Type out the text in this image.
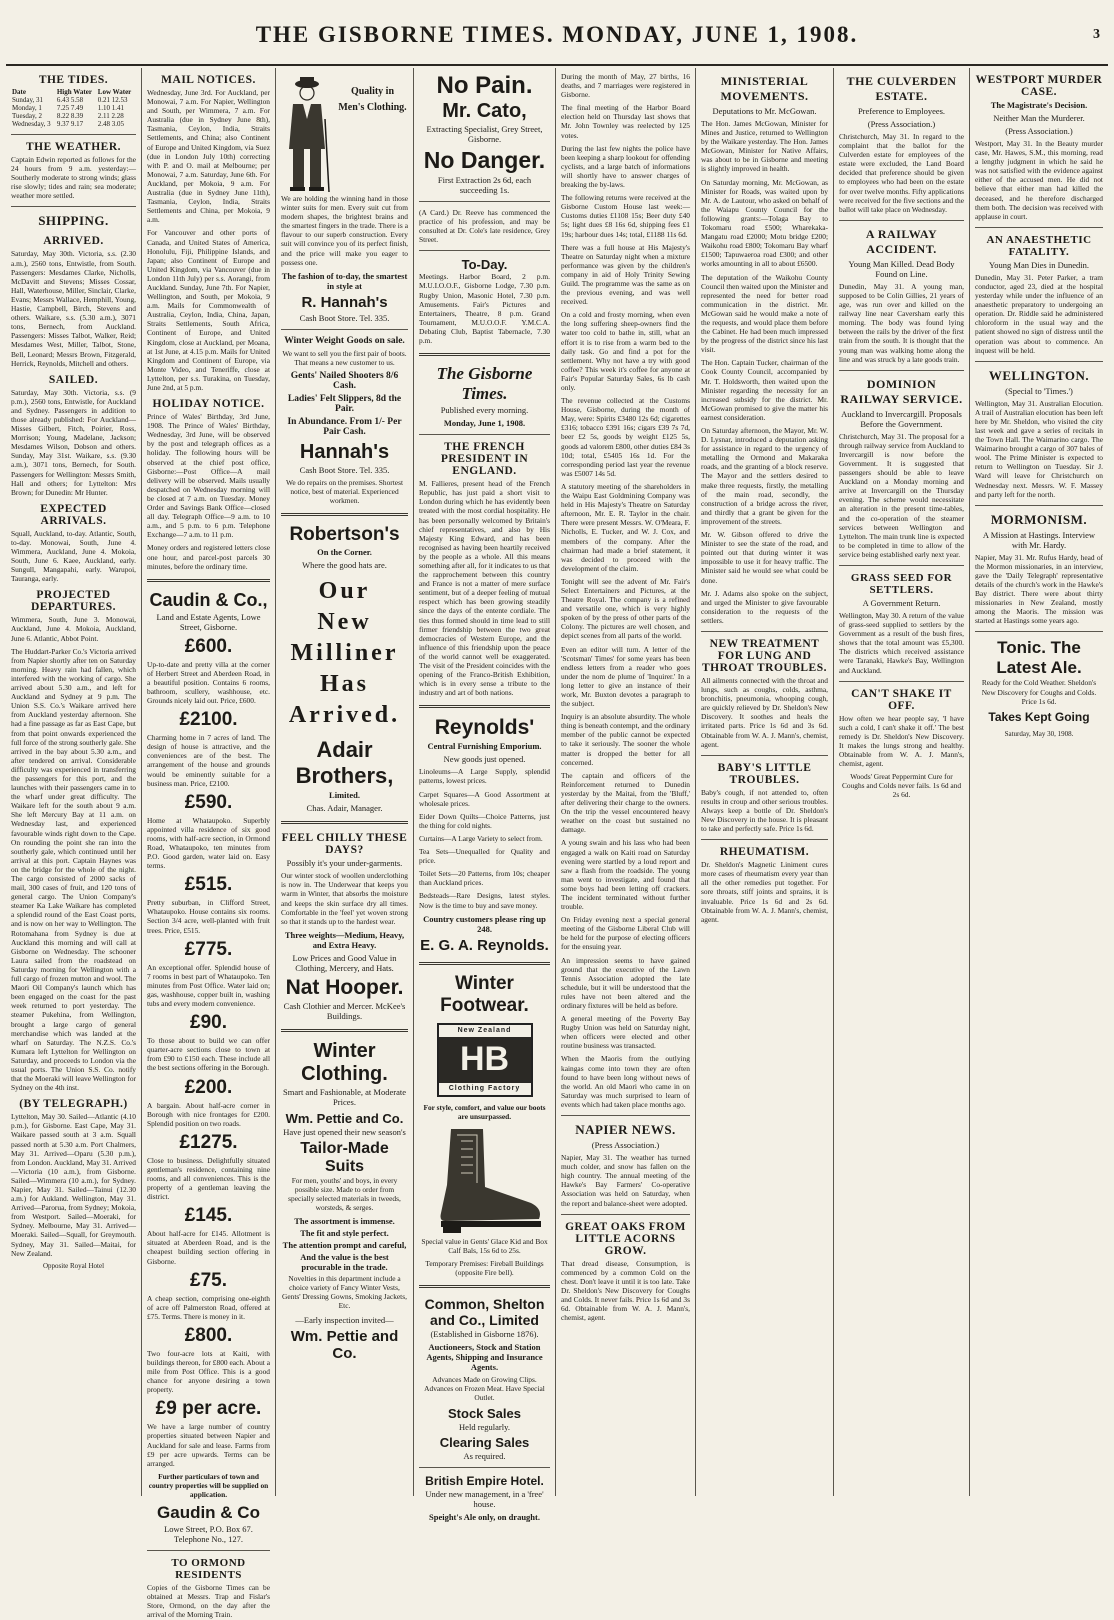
THE GISBORNE TIMES. MONDAY, JUNE 1, 1908.	3
THE TIDES.
Date	High Water	Low Water
Sunday, 31	6.43 5.58	0.21 12.53
Monday, 1	7.25 7.49	1.10 1.41
Tuesday, 2	8.22 8.39	2.11 2.28
Wednesday, 3	9.37 9.17	2.48 3.05
THE WEATHER.

Captain Edwin reported as follows for the 24 hours from 9 a.m. yesterday:—Southerly moderate to strong winds; glass rise slowly; tides and rain; sea moderate; weather more settled.

SHIPPING.
ARRIVED.

Saturday, May 30th. Victoria, s.s. (2.30 a.m.), 2560 tons, Entwistle, from South. Passengers: Mesdames Clarke, Nicholls, McDavitt and Stevens; Misses Cossar, Hall, Waterhouse, Miller, Sinclair, Clarke, Evans; Messrs Wallace, Hemphill, Young, Hastie, Campbell, Birch, Stevens and others. Waikare, s.s. (5.30 a.m.), 3071 tons, Bernech, from Auckland. Passengers: Misses Talbot, Walker, Reid; Mesdames West, Miller, Talbot, Stone, Bell, Leonard; Messrs Brown, Fitzgerald, Herrick, Reynolds, Mitchell and others.

SAILED.

Saturday, May 30th. Victoria, s.s. (9 p.m.), 2560 tons, Entwistle, for Auckland and Sydney. Passengers in addition to those already published: For Auckland—Misses Gilbert, Fitch, Poirier, Ross, Morrison; Young, Madelane, Jackson; Mesdames Wilson, Dobson and others. Sunday, May 31st. Waikare, s.s. (9.30 a.m.), 3071 tons, Bernech, for South. Passengers for Wellington: Messrs Smith, Hall and others; for Lyttelton: Mrs Brown; for Dunedin: Mr Hunter.

EXPECTED ARRIVALS.

Squall, Auckland, to-day. Atlantic, South, to-day. Monowai, South, June 4. Wimmera, Auckland, June 4. Mokoia, South, June 6. Kaee, Auckland, early. Sungull, Mangapahi, early. Warupoi, Tauranga, early.

PROJECTED DEPARTURES.

Wimmera, South, June 3. Monowai, Auckland, June 4. Mokoia, Auckland, June 6. Atlantic, Abbot Point.

The Huddart-Parker Co.'s Victoria arrived from Napier shortly after ten on Saturday morning. Heavy rain had fallen, which interfered with the working of cargo. She arrived about 5.30 a.m., and left for Auckland and Sydney at 9 p.m. The Union S.S. Co.'s Waikare arrived here from Auckland yesterday afternoon. She had a fine passage as far as East Cape, but from that point onwards experienced the full force of the strong southerly gale. She arrived in the bay about 5.30 a.m., and after tendered on arrival. Considerable difficulty was experienced in transferring the passengers for this port, and the launches with their passengers came in to the wharf under great difficulty. The Waikare left for the south about 9 a.m. She left Mercury Bay at 11 a.m. on Wednesday last, and experienced favourable winds right down to the Cape. On rounding the point she ran into the southerly gale, which continued until her arrival at this port. Captain Haynes was on the bridge for the whole of the night. The cargo consisted of 2000 sacks of mail, 300 cases of fruit, and 120 tons of general cargo. The Union Company's steamer Ka Lake Waikare has completed a splendid round of the East Coast ports, and is now on her way to Wellington. The Rotomahana from Sydney is due at Auckland this morning and will call at Gisborne on Wednesday. The schooner Laura sailed from the roadstead on Saturday morning for Wellington with a full cargo of frozen mutton and wool. The Maori Oil Company's launch which has been engaged on the coast for the past week returned to port yesterday. The steamer Pukehina, from Wellington, brought a large cargo of general merchandise which was landed at the wharf on Saturday. The N.Z.S. Co.'s Kumara left Lyttelton for Wellington on Saturday, and proceeds to London via the usual ports. The Union S.S. Co. notify that the Moeraki will leave Wellington for Sydney on the 4th inst.

(BY TELEGRAPH.)

Lyttelton, May 30. Sailed—Atlantic (4.10 p.m.), for Gisborne. East Cape, May 31. Waikare passed south at 3 a.m. Squall passed north at 5.30 a.m. Port Chalmers, May 31. Arrived—Oparu (5.30 p.m.), from London. Auckland, May 31. Arrived—Victoria (10 a.m.), from Gisborne. Sailed—Wimmera (10 a.m.), for Sydney. Napier, May 31. Sailed—Tainui (12.30 a.m.) for Aukland. Wellington, May 31. Arrived—Parorua, from Sydney; Mokoia, from Westport. Sailed—Moeraki, for Sydney. Melbourne, May 31. Arrived—Moeraki. Sailed—Squall, for Greymouth. Sydney, May 31. Sailed—Maitai, for New Zealand.

Opposite Royal Hotel
MAIL NOTICES.

Wednesday, June 3rd. For Auckland, per Monowai, 7 a.m. For Napier, Wellington and South, per Wimmera, 7 a.m. For Australia (due in Sydney June 8th), Tasmania, Ceylon, India, Straits Settlements, and China; also Continent of Europe and United Kingdom, via Suez (due in London July 10th) correcting with P. and O. mail at Melbourne; per Monowai, 7 a.m. Saturday, June 6th. For Auckland, per Mokoia, 9 a.m. For Australia (due in Sydney June 11th), Tasmania, Ceylon, India, Straits Settlements and China, per Mokoia, 9 a.m.

For Vancouver and other ports of Canada, and United States of America, Honolulu, Fiji, Philippine Islands, and Japan; also Continent of Europe and United Kingdom, via Vancouver (due in London 11th July) per s.s. Aorangi, from Auckland. Sunday, June 7th. For Napier, Wellington, and South, per Mokoia, 9 a.m. Mails for Commonwealth of Australia, Ceylon, India, China, Japan, Straits Settlements, South Africa, Continent of Europe, and United Kingdom, close at Auckland, per Moana, at 1st June, at 4.15 p.m. Mails for United Kingdom and Continent of Europe, via Monte Video, and Teneriffe, close at Lyttelton, per s.s. Turakina, on Tuesday, June 2nd, at 5 p.m.

HOLIDAY NOTICE.

Prince of Wales' Birthday, 3rd June, 1908. The Prince of Wales' Birthday, Wednesday, 3rd June, will be observed by the post and telegraph offices as a holiday. The following hours will be observed at the chief post office, Gisborne:—Post Office—A mail delivery will be observed. Mails usually despatched on Wednesday morning will be closed at 7 a.m. on Tuesday. Money Order and Savings Bank Office—closed all day. Telegraph Office—9 a.m. to 10 a.m., and 5 p.m. to 6 p.m. Telephone Exchange—7 a.m. to 11 p.m.

Money orders and registered letters close one hour, and parcel-post parcels 30 minutes, before the ordinary time.

Caudin & Co.,
Land and Estate Agents, Lowe Street, Gisborne.
£600.

Up-to-date and pretty villa at the corner of Herbert Street and Aberdeen Road, in a beautiful position. Contains 6 rooms, bathroom, scullery, washhouse, etc. Grounds nicely laid out. Price, £600.

£2100.

Charming home in 7 acres of land. The design of house is attractive, and the conveniences are of the best. The arrangement of the house and grounds would be eminently suitable for a business man. Price, £2100.

£590.

Home at Whataupoko. Superbly appointed villa residence of six good rooms, with half-acre section, in Ormond Road, Whataupoko, ten minutes from P.O. Good garden, water laid on. Easy terms.

£515.

Pretty suburban, in Clifford Street, Whataupoko. House contains six rooms. Section 3/4 acre, well-planted with fruit trees. Price, £515.

£775.

An exceptional offer. Splendid house of 7 rooms in best part of Whataupoko. Ten minutes from Post Office. Water laid on; gas, washhouse, copper built in, washing tubs and every modern convenience.

£90.

To those about to build we can offer quarter-acre sections close to town at from £90 to £150 each. These include all the best sections offering in the Borough.

£200.

A bargain. About half-acre corner in Borough with nice frontages for £200. Splendid position on two roads.

£1275.

Close to business. Delightfully situated gentleman's residence, containing nine rooms, and all conveniences. This is the property of a gentleman leaving the district.

£145.

About half-acre for £145. Allotment is situated at Aberdeen Road, and is the cheapest building section offering in Gisborne.

£75.

A cheap section, comprising one-eighth of acre off Palmerston Road, offered at £75. Terms. There is money in it.

£800.

Two four-acre lots at Kaiti, with buildings thereon, for £800 each. About a mile from Post Office. This is a good chance for anyone desiring a town property.

£9 per acre.

We have a large number of country properties situated between Napier and Auckland for sale and lease. Farms from £9 per acre upwards. Terms can be arranged.

Further particulars of town and country properties will be supplied on application.

Gaudin & Co
Lowe Street, P.O. Box 67. Telephone No., 127.
TO ORMOND RESIDENTS

Copies of the Gisborne Times can be obtained at Messrs. Trap and Fislar's Store, Ormond, on the day after the arrival of the Morning Train.

Quality in Men's Clothing.

We are holding the winning hand in those winter suits for men. Every suit cut from modern shapes, the brightest brains and the smartest fingers in the trade. There is a flavour to our superb construction. Every suit will convince you of its perfect finish, and the price will make you eager to possess one.

The fashion of to-day, the smartest in style at
R. Hannah's
Cash Boot Store. Tel. 335.
Winter Weight Goods on sale.

We want to sell you the first pair of boots. That means a new customer to us.

Gents' Nailed Shooters 8/6 Cash.
Ladies' Felt Slippers, 8d the Pair.
In Abundance. From 1/- Per Pair Cash.
Hannah's
Cash Boot Store. Tel. 335.

We do repairs on the premises. Shortest notice, best of material. Experienced workmen.

Robertson's
On the Corner.
Where the good hats are.
Our
New
Milliner
Has
Arrived.
Adair Brothers,
Limited.
Chas. Adair, Manager.
FEEL CHILLY THESE DAYS?
Possibly it's your under-garments.

Our winter stock of woollen underclothing is now in. The Underwear that keeps you warm in Winter, that absorbs the moisture and keeps the skin surface dry all times. Comfortable in the 'feel' yet woven strong so that it stands up to the hardest wear.

Three weights—Medium, Heavy, and Extra Heavy.
Low Prices and Good Value in Clothing, Mercery, and Hats.
Nat Hooper.
Cash Clothier and Mercer. McKee's Buildings.
Winter Clothing.
Smart and Fashionable, at Moderate Prices.
Wm. Pettie and Co.
Have just opened their new season's
Tailor-Made Suits

For men, youths' and boys, in every possible size. Made to order from specially selected materials in tweeds, worsteds, & serges.

The assortment is immense.
The fit and style perfect.
The attention prompt and careful,
And the value is the best procurable in the trade.

Novelties in this department include a choice variety of Fancy Winter Vests, Gents' Dressing Gowns, Smoking Jackets, Etc.

—Early inspection invited—
Wm. Pettie and Co.
No Pain.
Mr. Cato,
Extracting Specialist, Grey Street, Gisborne.
No Danger.
First Extraction 2s 6d, each succeeding 1s.

(A Card.) Dr. Reeve has commenced the practice of his profession, and may be consulted at Dr. Cole's late residence, Grey Street.

To-Day.

Meetings. Harbor Board, 2 p.m. M.U.I.O.O.F., Gisborne Lodge, 7.30 p.m. Rugby Union, Masonic Hotel, 7.30 p.m. Amusements. Fair's Pictures and Entertainers, Theatre, 8 p.m. Grand Tournament, M.U.O.O.F. Y.M.C.A. Debating Club, Baptist Tabernacle, 7.30 p.m.

The Gisborne Times.
Published every morning.
Monday, June 1, 1908.
THE FRENCH PRESIDENT IN ENGLAND.

M. Fallieres, present head of the French Republic, has just paid a short visit to London during which he has evidently been treated with the most cordial hospitality. He has been personally welcomed by Britain's chief representatives, and also by His Majesty King Edward, and has been recognised as having been heartily received by the people as a whole. All this means something after all, for it indicates to us that the rapprochement between this country and France is not a matter of mere surface sentiment, but of a deeper feeling of mutual respect which has been growing steadily since the days of the entente cordiale. The ties thus formed should in time lead to still firmer friendship between the two great democracies of Western Europe, and the influence of this friendship upon the peace of the world cannot well be exaggerated. The visit of the President coincides with the opening of the Franco-British Exhibition, which is in every sense a tribute to the industry and art of both nations.

Reynolds'
Central Furnishing Emporium.
New goods just opened.
Linoleums—A Large Supply, splendid patterns, lowest prices.
Carpet Squares—A Good Assortment at wholesale prices.
Eider Down Quilts—Choice Patterns, just the thing for cold nights.
Curtains—A Large Variety to select from.
Tea Sets—Unequalled for Quality and price.
Toilet Sets—20 Patterns, from 10s; cheaper than Auckland prices.
Bedsteads—Rare Designs, latest styles. Now is the time to buy and save money.
Country customers please ring up 248.
E. G. A. Reynolds.
Winter Footwear.
New Zealand
HB
Clothing Factory

For style, comfort, and value our boots are unsurpassed.

Special value in Gents' Glace Kid and Box Calf Bals, 15s 6d to 25s.

Temporary Premises: Fireball Buildings (opposite Fire bell).

Common, Shelton and Co., Limited
(Established in Gisborne 1876).
Auctioneers, Stock and Station Agents, Shipping and Insurance Agents.

Advances Made on Growing Clips. Advances on Frozen Meat. Have Special Outlet.

Stock Sales
Held regularly.
Clearing Sales
As required.
British Empire Hotel.
Under new management, in a 'free' house.
Speight's Ale only, on draught.

During the month of May, 27 births, 16 deaths, and 7 marriages were registered in Gisborne.

The final meeting of the Harbor Board election held on Thursday last shows that Mr. John Townley was reelected by 125 votes.

During the last few nights the police have been keeping a sharp lookout for offending cyclists, and a large batch of informations will shortly have to answer charges of breaking the by-laws.

The following returns were received at the Gisborne Custom House last week:—Customs duties £1108 15s; Beer duty £40 5s; light dues £8 16s 6d, shipping fees £1 19s; harbour dues 14s; total, £1188 11s 6d.

There was a full house at His Majesty's Theatre on Saturday night when a mixture performance was given by the children's company in aid of Holy Trinity Sewing Guild. The programme was the same as on the previous evening, and was well received.

On a cold and frosty morning, when even the long suffering sheep-owners find the water too cold to bathe in, still, what an effort it is to rise from a warm bed to the daily task. Go and find a pot for the settlement. Why not have a try with good coffee? This week it's coffee for anyone at Fair's Popular Saturday Sales, 6s lb cash only.

The revenue collected at the Customs House, Gisborne, during the month of May, were: Spirits £3480 12s 6d; cigarettes £316; tobacco £391 16s; cigars £39 7s 7d, beer £2 5s, goods by weight £125 5s, goods ad valorem £800, other duties £84 3s 10d; total, £5405 16s 1d. For the corresponding period last year the revenue was £5007 14s 5d.

A statutory meeting of the shareholders in the Waipu East Goldmining Company was held in His Majesty's Theatre on Saturday afternoon, Mr. E. R. Taylor in the chair. There were present Messrs. W. O'Meara, F. Nicholls, E. Tucker, and W. J. Cox, and members of the company. After the chairman had made a brief statement, it was decided to proceed with the development of the claim.

Tonight will see the advent of Mr. Fair's Select Entertainers and Pictures, at the Theatre Royal. The company is a refined and versatile one, which is very highly spoken of by the press of other parts of the Colony. The pictures are well chosen, and depict scenes from all parts of the world.

Even an editor will turn. A letter of the 'Scotsman' Times' for some years has been endless letters from a reader who goes under the nom de plume of 'Inquirer.' In a long letter to give an instance of their work, Mr. Buxton devotes a paragraph to the subject.

Inquiry is an absolute absurdity. The whole thing is beneath contempt, and the ordinary member of the public cannot be expected to take it seriously. The sooner the whole matter is dropped the better for all concerned.

The captain and officers of the Reinforcement returned to Dunedin yesterday by the Maitai, from the 'Bluff,' after delivering their charge to the owners. On the trip the vessel encountered heavy weather on the coast but sustained no damage.

A young swain and his lass who had been engaged a walk on Kaiti road on Saturday evening were startled by a loud report and saw a flash from the roadside. The young man went to investigate, and found that some boys had been letting off crackers. The incident terminated without further trouble.

On Friday evening next a special general meeting of the Gisborne Liberal Club will be held for the purpose of electing officers for the ensuing year.

An impression seems to have gained ground that the executive of the Lawn Tennis Association adopted the late schedule, but it will be understood that the rules have not been altered and the ordinary fixtures will be held as before.

A general meeting of the Poverty Bay Rugby Union was held on Saturday night, when officers were elected and other routine business was transacted.

When the Maoris from the outlying kaingas come into town they are often found to have been long without news of the world. An old Maori who came in on Saturday was much surprised to learn of events which had taken place months ago.

NAPIER NEWS.
(Press Association.)

Napier, May 31. The weather has turned much colder, and snow has fallen on the high country. The annual meeting of the Hawke's Bay Farmers' Co-operative Association was held on Saturday, when the report and balance-sheet were adopted.

GREAT OAKS FROM LITTLE ACORNS GROW.

That dread disease, Consumption, is commenced by a common Cold on the chest. Don't leave it until it is too late. Take Dr. Sheldon's New Discovery for Coughs and Colds. It never fails. Price 1s 6d and 3s 6d. Obtainable from W. A. J. Mann's, chemist, agent.

MINISTERIAL MOVEMENTS.
Deputations to Mr. McGowan.

The Hon. James McGowan, Minister for Mines and Justice, returned to Wellington by the Waikare yesterday. The Hon. James McGowan, Minister for Native Affairs, was about to be in Gisborne and meeting is slightly improved in health.

On Saturday morning, Mr. McGowan, as Minister for Roads, was waited upon by Mr. A. de Lautour, who asked on behalf of the Waiapu County Council for the following grants:—Tolaga Bay to Tokomaru road £500; Wharekaka-Mangatu road £2000; Motu bridge £200; Waikohu road £800; Tokomaru Bay wharf £1500; Tapuwaeroa road £300; and other works amounting in all to about £6500.

The deputation of the Waikohu County Council then waited upon the Minister and represented the need for better road communication in the district. Mr. McGowan said he would make a note of the requests, and would place them before the Cabinet. He had been much impressed by the progress of the district since his last visit.

The Hon. Captain Tucker, chairman of the Cook County Council, accompanied by Mr. T. Holdsworth, then waited upon the Minister regarding the necessity for an increased subsidy for the district. Mr. McGowan promised to give the matter his earnest consideration.

On Saturday afternoon, the Mayor, Mr. W. D. Lysnar, introduced a deputation asking for assistance in regard to the urgency of metalling the Ormond and Makaraka roads, and the granting of a block reserve. The Mayor and the settlers desired to make three requests, firstly, the metalling of the main road, secondly, the construction of a bridge across the river, and thirdly that a grant be given for the improvement of the streets.

Mr. W. Gibson offered to drive the Minister to see the state of the road, and pointed out that during winter it was impossible to use it for heavy traffic. The Minister said he would see what could be done.

Mr. J. Adams also spoke on the subject, and urged the Minister to give favourable consideration to the requests of the settlers.

NEW TREATMENT FOR LUNG AND THROAT TROUBLES.

All ailments connected with the throat and lungs, such as coughs, colds, asthma, bronchitis, pneumonia, whooping cough, are quickly relieved by Dr. Sheldon's New Discovery. It soothes and heals the irritated parts. Price 1s 6d and 3s 6d. Obtainable from W. A. J. Mann's, chemist, agent.

BABY'S LITTLE TROUBLES.

Baby's cough, if not attended to, often results in croup and other serious troubles. Always keep a bottle of Dr. Sheldon's New Discovery in the house. It is pleasant to take and perfectly safe. Price 1s 6d.

RHEUMATISM.

Dr. Sheldon's Magnetic Liniment cures more cases of rheumatism every year than all the other remedies put together. For sore throats, stiff joints and sprains, it is invaluable. Price 1s 6d and 2s 6d. Obtainable from W. A. J. Mann's, chemist, agent.

THE CULVERDEN ESTATE.
Preference to Employees.
(Press Association.)

Christchurch, May 31. In regard to the complaint that the ballot for the Culverden estate for employees of the estate were excluded, the Land Board decided that preference should be given to employees who had been on the estate for over twelve months. Fifty applications were received for the five sections and the ballot will take place on Wednesday.

A RAILWAY ACCIDENT.
Young Man Killed. Dead Body Found on Line.

Dunedin, May 31. A young man, supposed to be Colin Gillies, 21 years of age, was run over and killed on the railway line near Caversham early this morning. The body was found lying between the rails by the driver of the first train from the south. It is thought that the young man was walking home along the line and was struck by a late goods train.

DOMINION RAILWAY SERVICE.
Auckland to Invercargill. Proposals Before the Government.

Christchurch, May 31. The proposal for a through railway service from Auckland to Invercargill is now before the Government. It is suggested that passengers should be able to leave Auckland on a Monday morning and arrive at Invercargill on the Thursday evening. The scheme would necessitate an alteration in the present time-tables, and the co-operation of the steamer services between Wellington and Lyttelton. The main trunk line is expected to be completed in time to allow of the service being established early next year.

GRASS SEED FOR SETTLERS.
A Government Return.

Wellington, May 30. A return of the value of grass-seed supplied to settlers by the Government as a result of the bush fires, shows that the total amount was £5,300. The districts which received assistance were Taranaki, Hawke's Bay, Wellington and Auckland.

CAN'T SHAKE IT OFF.

How often we hear people say, 'I have such a cold, I can't shake it off.' The best remedy is Dr. Sheldon's New Discovery. It makes the lungs strong and healthy. Obtainable from W. A. J. Mann's, chemist, agent.

Woods' Great Peppermint Cure for Coughs and Colds never fails. 1s 6d and 2s 6d.

WESTPORT MURDER CASE.
The Magistrate's Decision.
Neither Man the Murderer.
(Press Association.)

Westport, May 31. In the Beauty murder case, Mr. Hawes, S.M., this morning, read a lengthy judgment in which he said he was not satisfied with the evidence against either of the accused men. He did not believe that either man had killed the deceased, and he therefore discharged them both. The decision was received with applause in court.

AN ANAESTHETIC FATALITY.
Young Man Dies in Dunedin.

Dunedin, May 31. Peter Parker, a tram conductor, aged 23, died at the hospital yesterday while under the influence of an anaesthetic preparatory to undergoing an operation. Dr. Riddle said he administered chloroform in the usual way and the patient showed no sign of distress until the operation was about to commence. An inquest will be held.

WELLINGTON.
(Special to 'Times.')

Wellington, May 31. Australian Elocution. A trail of Australian elocution has been left here by Mr. Sheldon, who visited the city last week and gave a series of recitals in the Town Hall. The Waimarino cargo. The Waimarino brought a cargo of 307 bales of wool. The Prime Minister is expected to return to Wellington on Tuesday. Sir J. Ward will leave for Christchurch on Wednesday next. Messrs. W. F. Massey and party left for the north.

MORMONISM.
A Mission at Hastings. Interview with Mr. Hardy.

Napier, May 31. Mr. Rufus Hardy, head of the Mormon missionaries, in an interview, gave the 'Daily Telegraph' representative details of the church's work in the Hawke's Bay district. There were about thirty missionaries in New Zealand, mostly among the Maoris. The mission was started at Hastings some years ago.

Tonic. The Latest Ale.

Ready for the Cold Weather. Sheldon's New Discovery for Coughs and Colds. Price 1s 6d.

Takes Kept Going
Saturday, May 30, 1908.
